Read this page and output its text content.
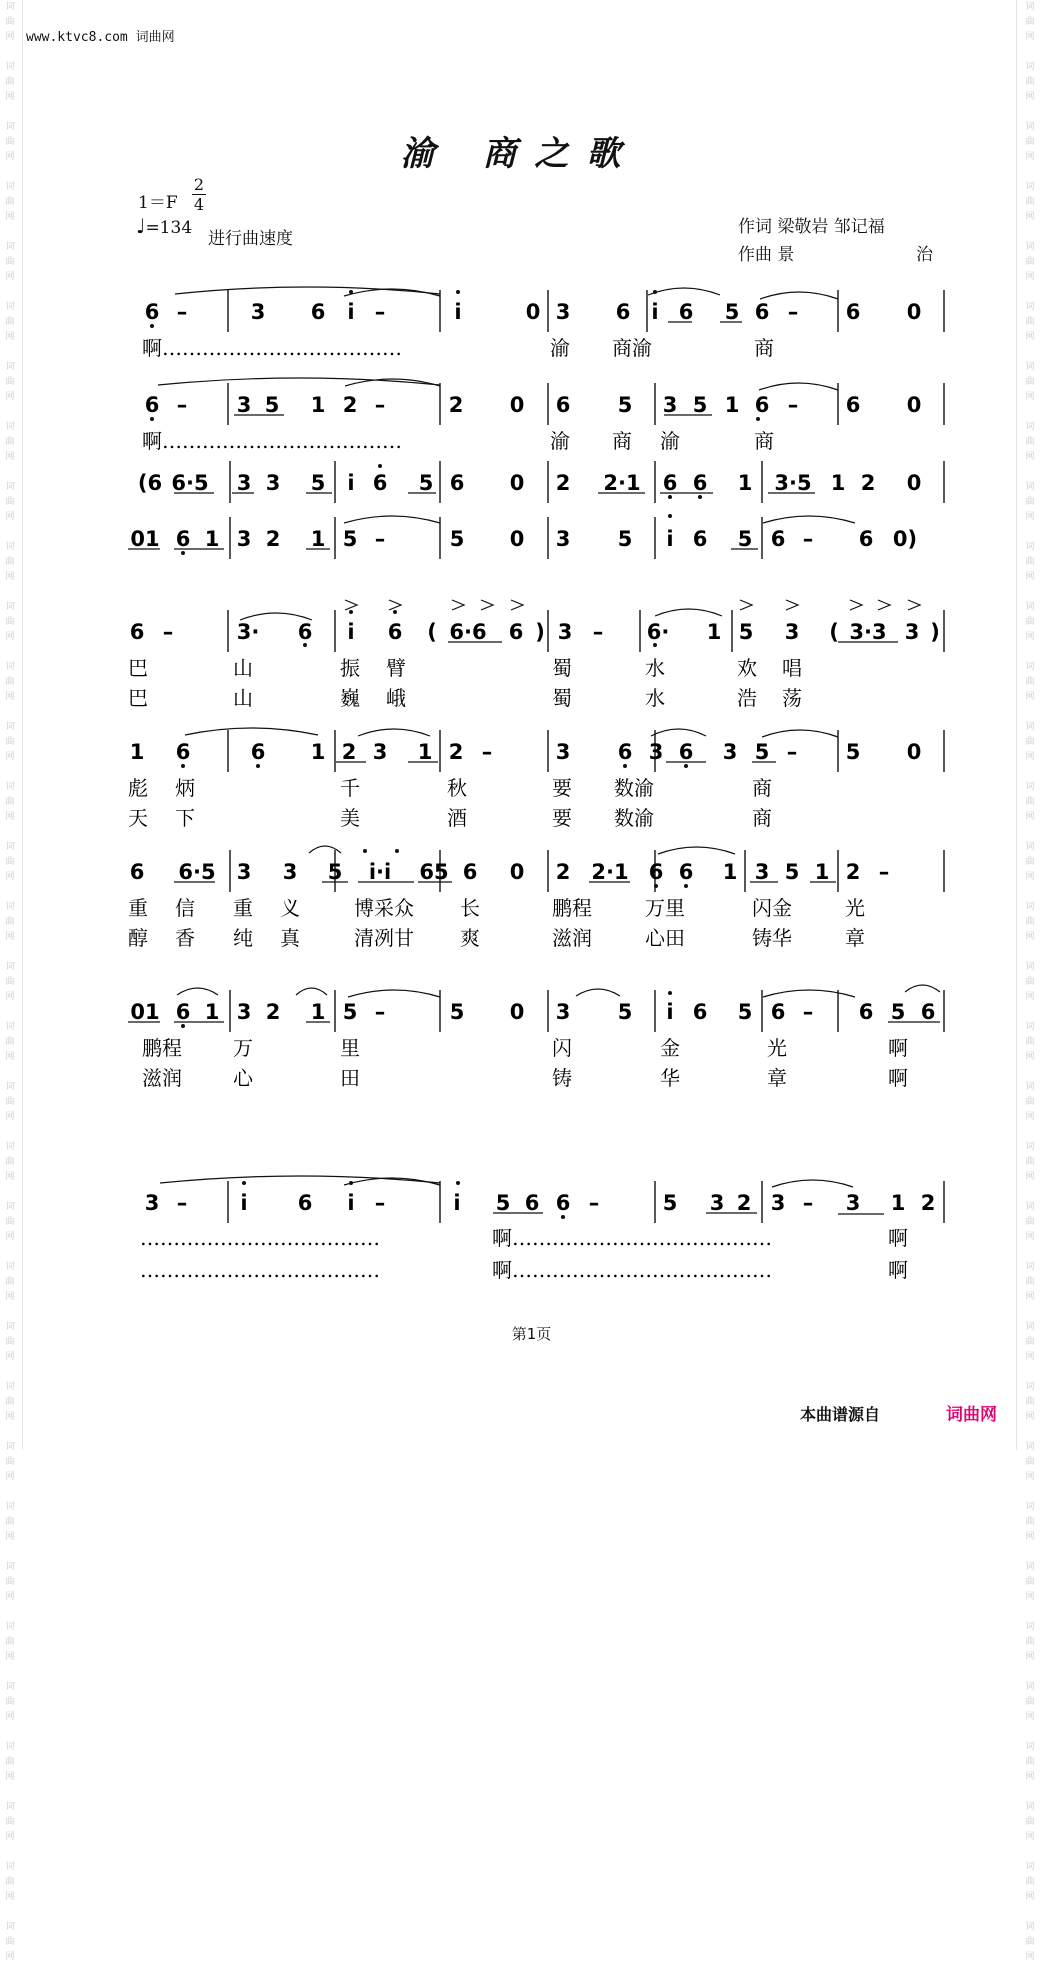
词
曲
网

词
曲
网

词
曲
网

词
曲
网

词
曲
网

词
曲
网

词
曲
网

词
曲
网

词
曲
网

词
曲
网

词
曲
网

词
曲
网

词
曲
网

词
曲
网

词
曲
网

词
曲
网

词
曲
网

词
曲
网

词
曲
网

词
曲
网

词
曲
网

词
曲
网

词
曲
网

词
曲
网

词
曲
网

词
曲
网

词
曲
网

词
曲
网

词
曲
网

词
曲
网

词
曲
网

词
曲
网

词
曲
网

词
曲
网

词
曲
网

词
曲
网

词
曲
网

词
曲
网

词
曲
网

词
曲
网

词
曲
网

词
曲
网

词
曲
网

词
曲
网

词
曲
网

词
曲
网

词
曲
网

词
曲
网

词
曲
网

词
曲
网

词
曲
网

词
曲
网

词
曲
网

词
曲
网

词
曲
网

词
曲
网

词
曲
网

词
曲
网

词
曲
网

词
曲
网

词
曲
网

词
曲
网

词
曲
网

词
曲
网

词
曲
网

词
曲
网

www.ktvc8.com 词曲网
渝 商之歌
1＝F
2
4
♩=134
进行曲速度
作词 梁敬岩 邹记福
作曲 景	治
6 –	3 6 i –	i	0 3 6 i 6 5 6 – 6 0
6 – 3 5 1 2 –	2 0 6 5 3 5 1 6 – 6 0
(6 6·5 3 3 5 i 6 5 6 0 2 2·1 6 6 1 3·5 1 2 0
01 6 1 3 2 1 5 –	5 0 3 5 i 6 5 6 – 6 0)
6 –	3· 6 i 6 ( 6·6 6 ) 3 – 6· 1 5 3 ( 3·3 3 )
1 6	6 1 2 3 1 2 –	3 6 3 6 3 5 – 5 0
6 6·5 3 3 5 i·i 65 6 0 2 2·1 6 6 1 3 5 1 2 –
01 6 1 3 2 1 5 –	5 0 3 5 i 6 5 6 – 6 5 6
3 –	i 6 i –	i 5 6 6 –	5 3 2 3 – 3 1 2
啊………………………………	渝 商渝	商
啊………………………………	渝 商 渝	商
巴	山	振 臂	蜀	水	欢 唱
巴	山	巍 峨	蜀	水	浩 荡
彪 炳	千	秋	要 数渝	商
天 下	美	酒	要 数渝	商
重 信 重 义	博采众 长	鹏程	万里	闪金	光
醇 香 纯 真	清冽甘 爽	滋润	心田	铸华	章
鹏程	万	里	闪	金	光	啊
滋润	心	田	铸	华	章	啊
………………………………	啊…………………………………	啊
………………………………	啊…………………………………	啊
第1页
本曲谱源自	词曲网
